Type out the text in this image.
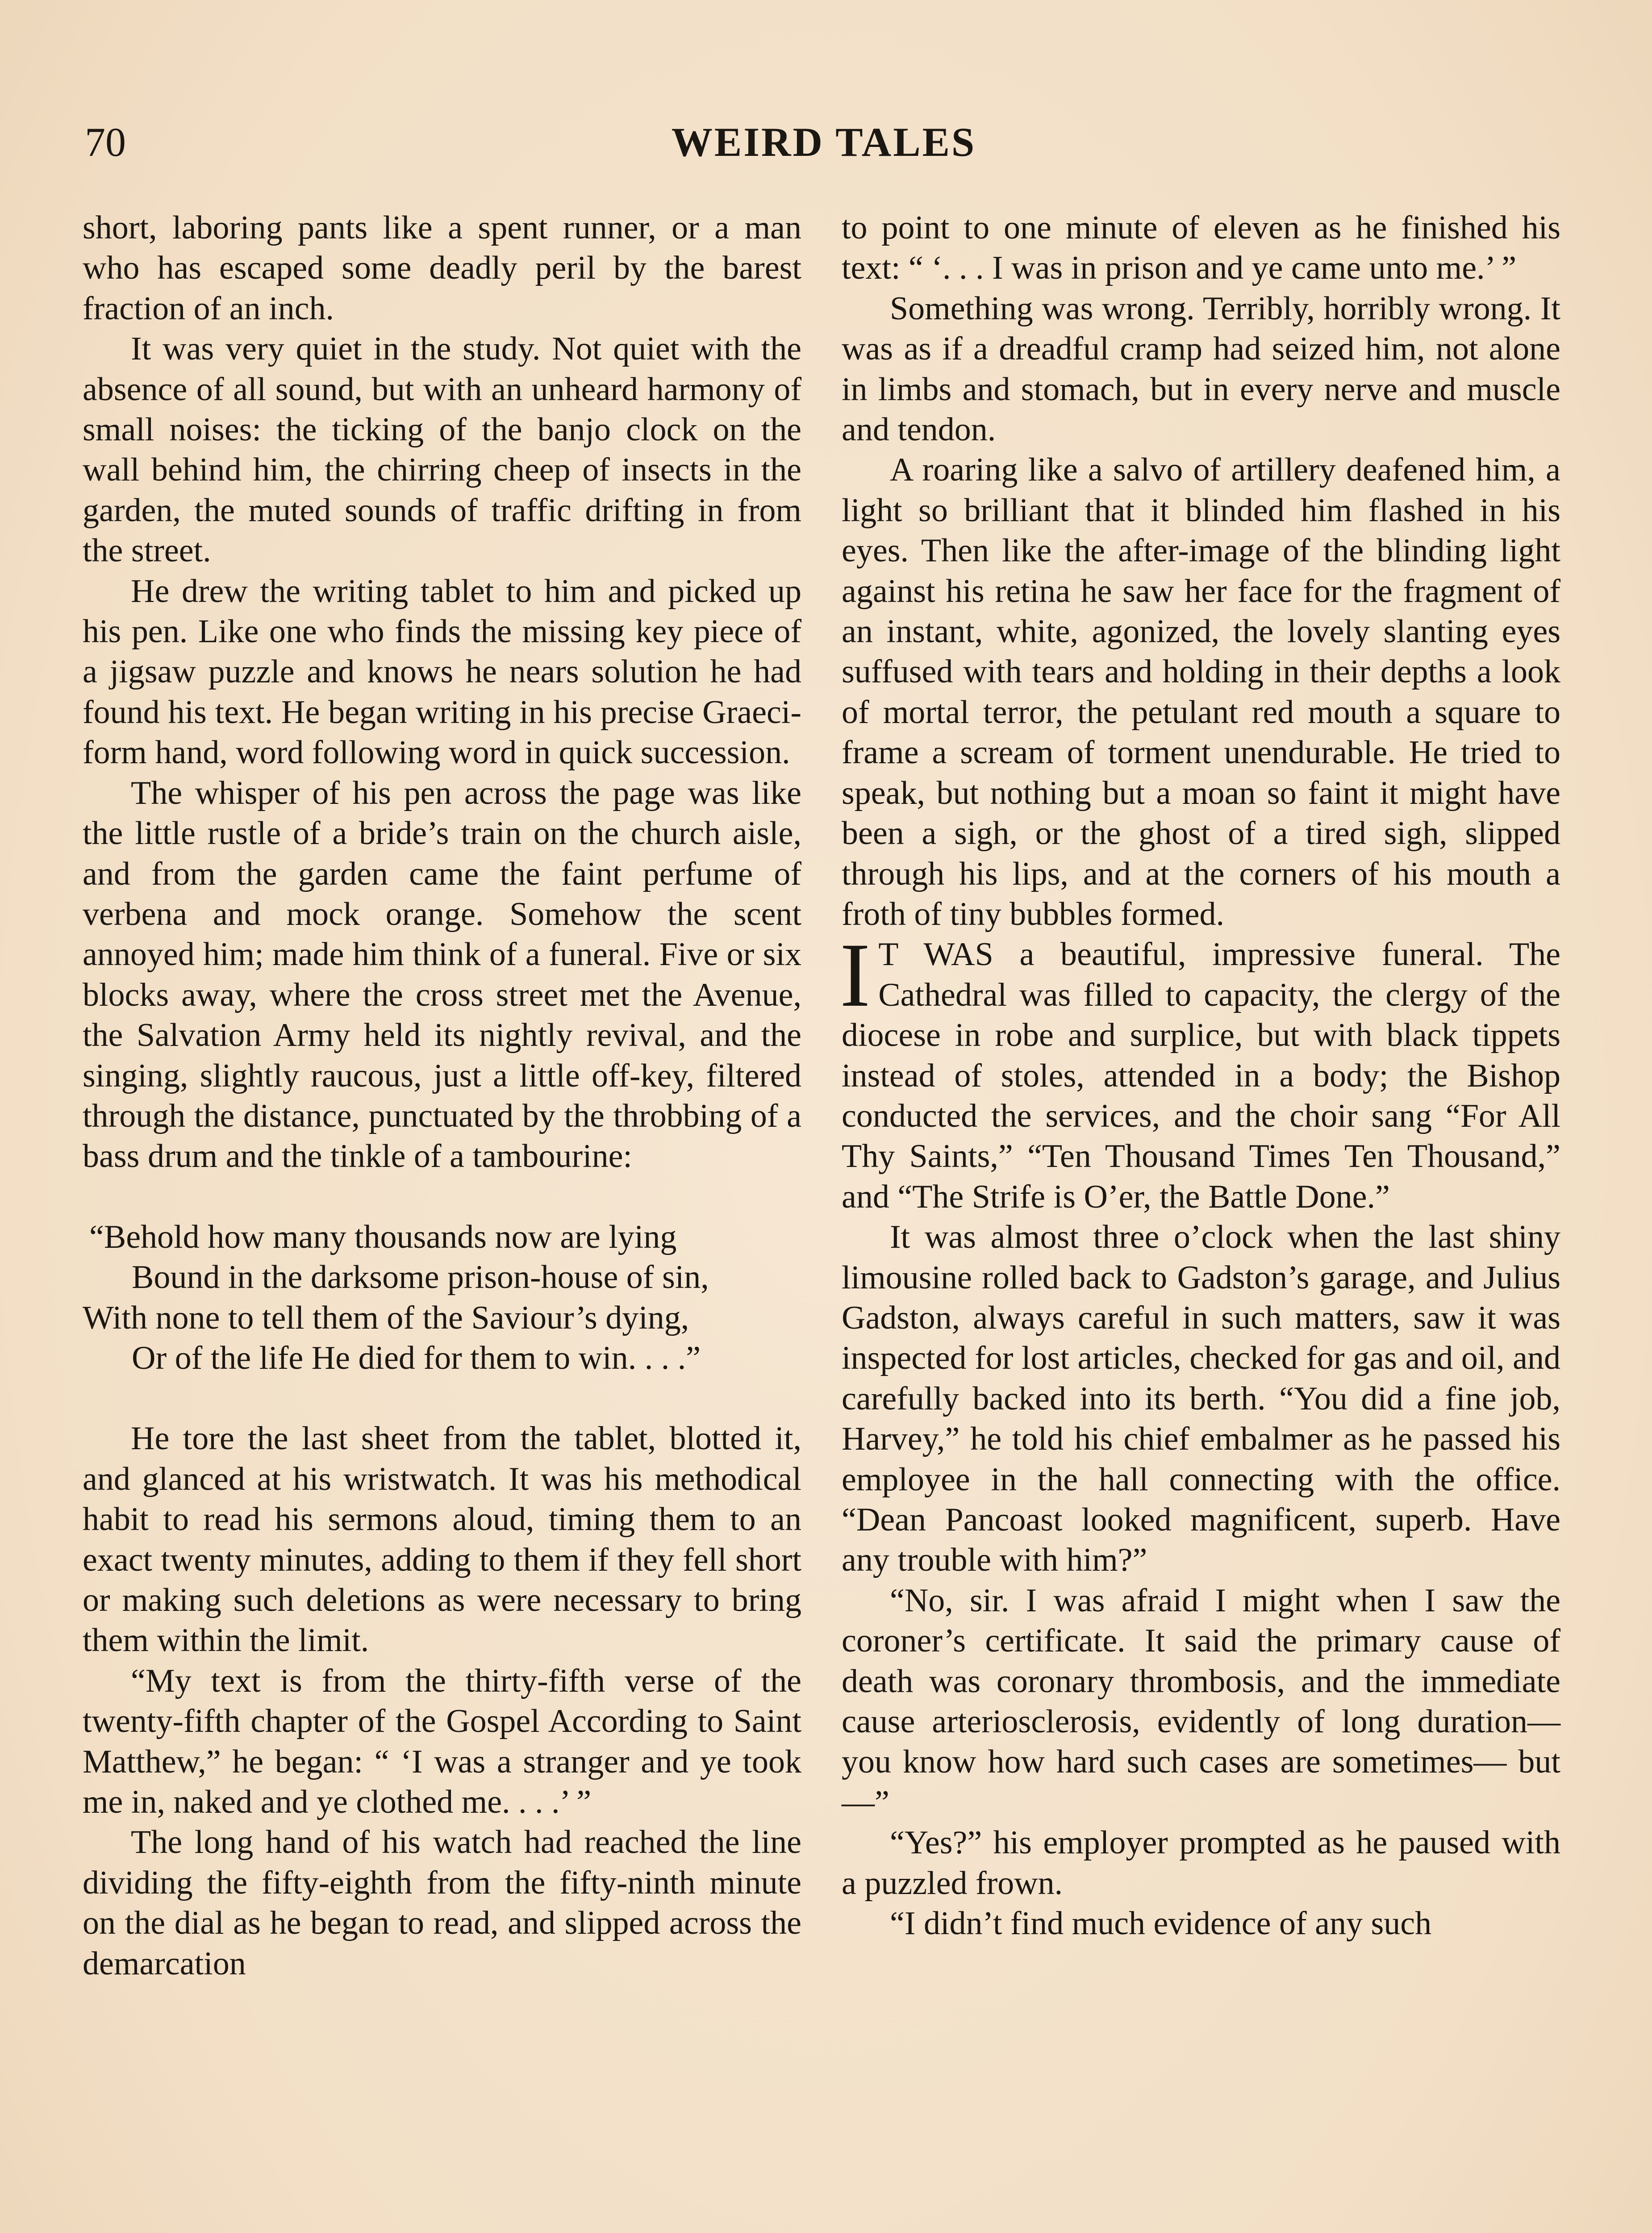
70	WEIRD TALES

short, laboring pants like a spent runner, or a man who has escaped some deadly peril by the barest fraction of an inch.

It was very quiet in the study. Not quiet with the absence of all sound, but with an unheard harmony of small noises: the ticking of the banjo clock on the wall behind him, the chirring cheep of insects in the garden, the muted sounds of traffic drifting in from the street.

He drew the writing tablet to him and picked up his pen. Like one who finds the missing key piece of a jigsaw puzzle and knows he nears solution he had found his text. He began writing in his precise Graeciform hand, word following word in quick succession.

The whisper of his pen across the page was like the little rustle of a bride’s train on the church aisle, and from the garden came the faint perfume of verbena and mock orange. Somehow the scent annoyed him; made him think of a funeral. Five or six blocks away, where the cross street met the Avenue, the Salvation Army held its nightly revival, and the singing, slightly raucous, just a little off-key, filtered through the distance, punctuated by the throbbing of a bass drum and the tinkle of a tambourine:

“Behold how many thousands now are lying
Bound in the darksome prison-house of sin,
With none to tell them of the Saviour’s dying,
Or of the life He died for them to win. . . .”

He tore the last sheet from the tablet, blotted it, and glanced at his wristwatch. It was his methodical habit to read his sermons aloud, timing them to an exact twenty minutes, adding to them if they fell short or making such deletions as were necessary to bring them within the limit.

“My text is from the thirty-fifth verse of the twenty-fifth chapter of the Gospel According to Saint Matthew,” he began: “ ‘I was a stranger and ye took me in, naked and ye clothed me. . . .’ ”

The long hand of his watch had reached the line dividing the fifty-eighth from the fifty-ninth minute on the dial as he began to read, and slipped across the demarcation

to point to one minute of eleven as he finished his text: “ ‘. . . I was in prison and ye came unto me.’ ”

Something was wrong. Terribly, horribly wrong. It was as if a dreadful cramp had seized him, not alone in limbs and stomach, but in every nerve and muscle and tendon.

A roaring like a salvo of artillery deafened him, a light so brilliant that it blinded him flashed in his eyes. Then like the after-image of the blinding light against his retina he saw her face for the fragment of an instant, white, agonized, the lovely slanting eyes suffused with tears and holding in their depths a look of mortal terror, the petulant red mouth a square to frame a scream of torment unendurable. He tried to speak, but nothing but a moan so faint it might have been a sigh, or the ghost of a tired sigh, slipped through his lips, and at the corners of his mouth a froth of tiny bubbles formed.

I T WAS a beautiful, impressive funeral. The Cathedral was filled to capacity, the clergy of the diocese in robe and surplice, but with black tippets instead of stoles, attended in a body; the Bishop conducted the services, and the choir sang “For All Thy Saints,” “Ten Thousand Times Ten Thousand,” and “The Strife is O’er, the Battle Done.”

It was almost three o’clock when the last shiny limousine rolled back to Gadston’s garage, and Julius Gadston, always careful in such matters, saw it was inspected for lost articles, checked for gas and oil, and carefully backed into its berth. “You did a fine job, Harvey,” he told his chief embalmer as he passed his employee in the hall connecting with the office. “Dean Pancoast looked magnificent, superb. Have any trouble with him?”

“No, sir. I was afraid I might when I saw the coroner’s certificate. It said the primary cause of death was coronary thrombosis, and the immediate cause arteriosclerosis, evidently of long duration—you know how hard such cases are sometimes— but—”

“Yes?” his employer prompted as he paused with a puzzled frown.

“I didn’t find much evidence of any such
